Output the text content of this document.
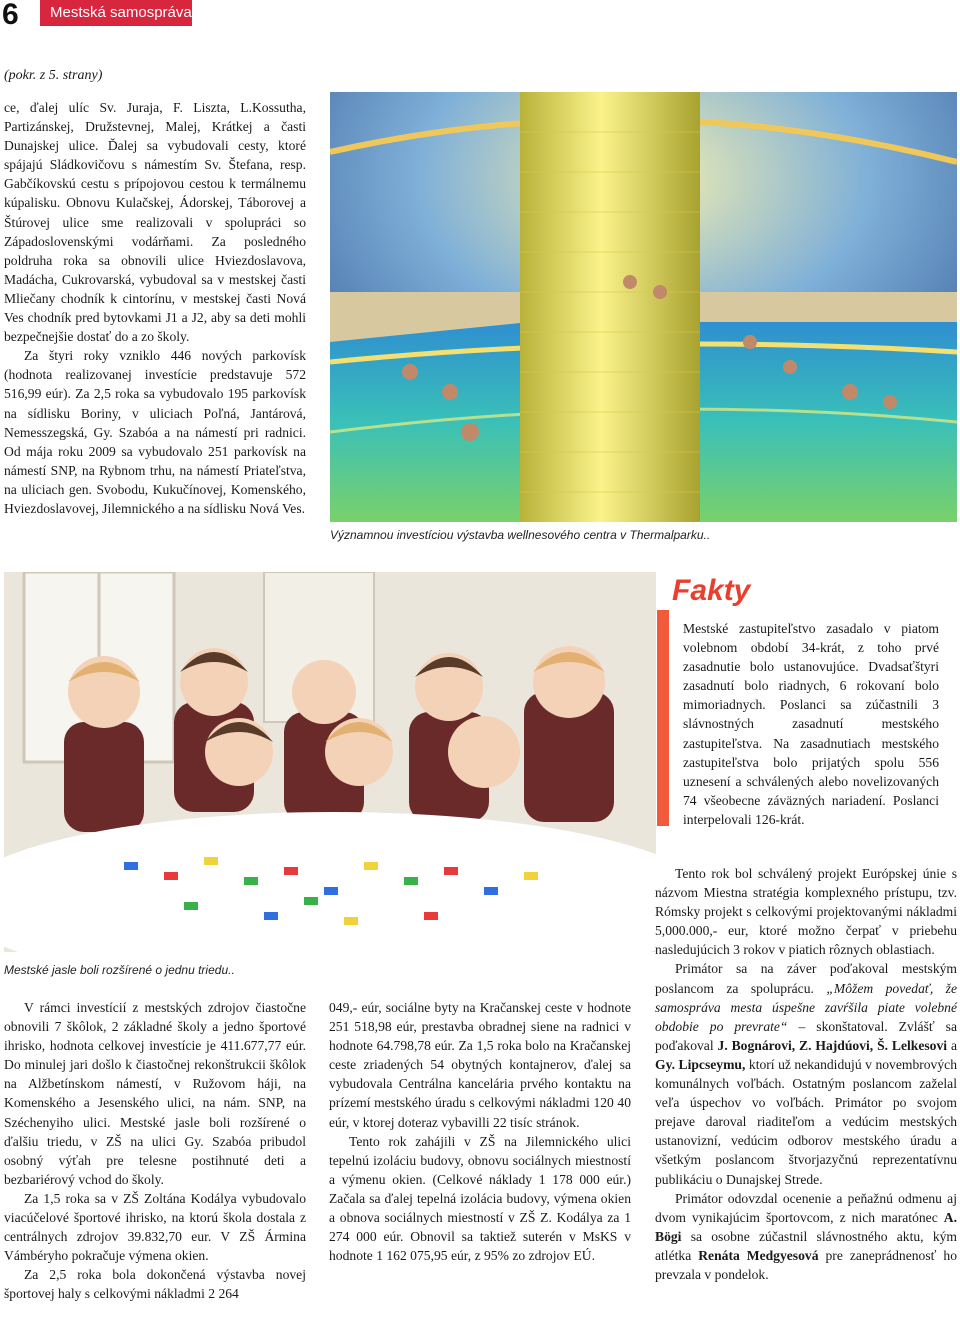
6	Mestská samospráva
(pokr. z 5. strany)

ce, ďalej ulíc Sv. Juraja, F. Liszta, L.Kossutha, Partizánskej, Družstevnej, Malej, Krátkej a časti Dunajskej ulice. Ďalej sa vybudovali cesty, ktoré spájajú Sládkovičovu s námestím Sv. Štefana, resp. Gabčíkovskú cestu s prípojovou cestou k termálnemu kúpalisku. Obnovu Kulačskej, Ádorskej, Táborovej a Štúrovej ulice sme realizovali v spolupráci so Západoslovenskými vodárňami. Za posledného poldruha roka sa obnovili ulice Hviezdoslavova, Madácha, Cukrovarská, vybudoval sa v mestskej časti Mliečany chodník k cintorínu, v mestskej časti Nová Ves chodník pred bytovkami J1 a J2, aby sa deti mohli bezpečnejšie dostať do a zo školy.

Za štyri roky vzniklo 446 nových parkovísk (hodnota realizovanej investície predstavuje 572 516,99 eúr). Za 2,5 roka sa vybudovalo 195 parkovísk na sídlisku Boriny, v uliciach Poľná, Jantárová, Nemesszegská, Gy. Szabóa a na námestí pri radnici. Od mája roku 2009 sa vybudovalo 251 parkovísk na námestí SNP, na Rybnom trhu, na námestí Priateľstva, na uliciach gen. Svobodu, Kukučínovej, Komenského, Hviezdoslavovej, Jilemnického a na sídlisku Nová Ves.

Významnou investíciou výstavba wellnesového centra v Thermalparku..
Mestské jasle boli rozšírené o jednu triedu..
Fakty
Mestské zastupiteľstvo zasadalo v piatom volebnom období 34-krát, z toho prvé zasadnutie bolo ustanovujúce. Dvadsaťštyri zasadnutí bolo riadnych, 6 rokovaní bolo mimoriadnych. Poslanci sa zúčastnili 3 slávnostných zasadnutí mestského zastupiteľstva. Na zasadnutiach mestského zastupiteľstva bolo prijatých spolu 556 uznesení a schválených alebo novelizovaných 74 všeobecne záväzných nariadení. Poslanci interpelovali 126-krát.

V rámci investícií z mestských zdrojov čiastočne obnovili 7 škôlok, 2 základné školy a jedno športové ihrisko, hodnota celkovej investície je 411.677,77 eúr. Do minulej jari došlo k čiastočnej rekonštrukcii škôlok na Alžbetínskom námestí, v Ružovom háji, na Komenského a Jesenského ulici, na nám. SNP, na Széchenyiho ulici. Mestské jasle boli rozšírené o ďalšiu triedu, v ZŠ na ulici Gy. Szabóa pribudol osobný výťah pre telesne postihnuté deti a bezbariérový vchod do školy.

Za 1,5 roka sa v ZŠ Zoltána Kodálya vybudovalo viacúčelové športové ihrisko, na ktorú škola dostala z centrálnych zdrojov 39.832,70 eur. V ZŠ Ármina Vámbéryho pokračuje výmena okien.

Za 2,5 roka bola dokončená výstavba novej športovej haly s celkovými nákladmi 2 264

049,- eúr, sociálne byty na Kračanskej ceste v hodnote 251 518,98 eúr, prestavba obradnej siene na radnici v hodnote 64.798,78 eúr. Za 1,5 roka bolo na Kračanskej ceste zriadených 54 obytných kontajnerov, ďalej sa vybudovala Centrálna kancelária prvého kontaktu na prízemí mestského úradu s celkovými nákladmi 120 40 eúr, v ktorej doteraz vybavilli 22 tisíc stránok.

Tento rok zahájili v ZŠ na Jilemnického ulici tepelnú izoláciu budovy, obnovu sociálnych miestností a výmenu okien. (Celkové náklady 1 178 000 eúr.) Začala sa ďalej tepelná izolácia budovy, výmena okien a obnova sociálnych miestností v ZŠ Z. Kodálya za 1 274 000 eúr. Obnovil sa taktiež suterén v MsKS v hodnote 1 162 075,95 eúr, z 95% zo zdrojov EÚ.

Tento rok bol schválený projekt Európskej únie s názvom Miestna stratégia komplexného prístupu, tzv. Rómsky projekt s celkovými projektovanými nákladmi 5,000.000,- eur, ktoré možno čerpať v priebehu nasledujúcich 3 rokov v piatich rôznych oblastiach.

Primátor sa na záver poďakoval mestským poslancom za spoluprácu. „Môžem povedať, že samospráva mesta úspešne zavŕšila piate volebné obdobie po prevrate“ – skonštatoval. Zvlášť sa poďakoval J. Bognárovi, Z. Hajdúovi, Š. Lelkesovi a Gy. Lipcseymu, ktorí už nekandidujú v novembrových komunálnych voľbách. Ostatným poslancom zaželal veľa úspechov vo voľbách. Primátor po svojom prejave daroval riaditeľom a vedúcim mestských ustanovizní, vedúcim odborov mestského úradu a všetkým poslancom štvorjazyčnú reprezentatívnu publikáciu o Dunajskej Strede.

Primátor odovzdal ocenenie a peňažnú odmenu aj dvom vynikajúcim športovcom, z nich maratónec A. Bögi sa osobne zúčastnil slávnostného aktu, kým atlétka Renáta Medgyesová pre zaneprádnenosť ho prevzala v pondelok.
